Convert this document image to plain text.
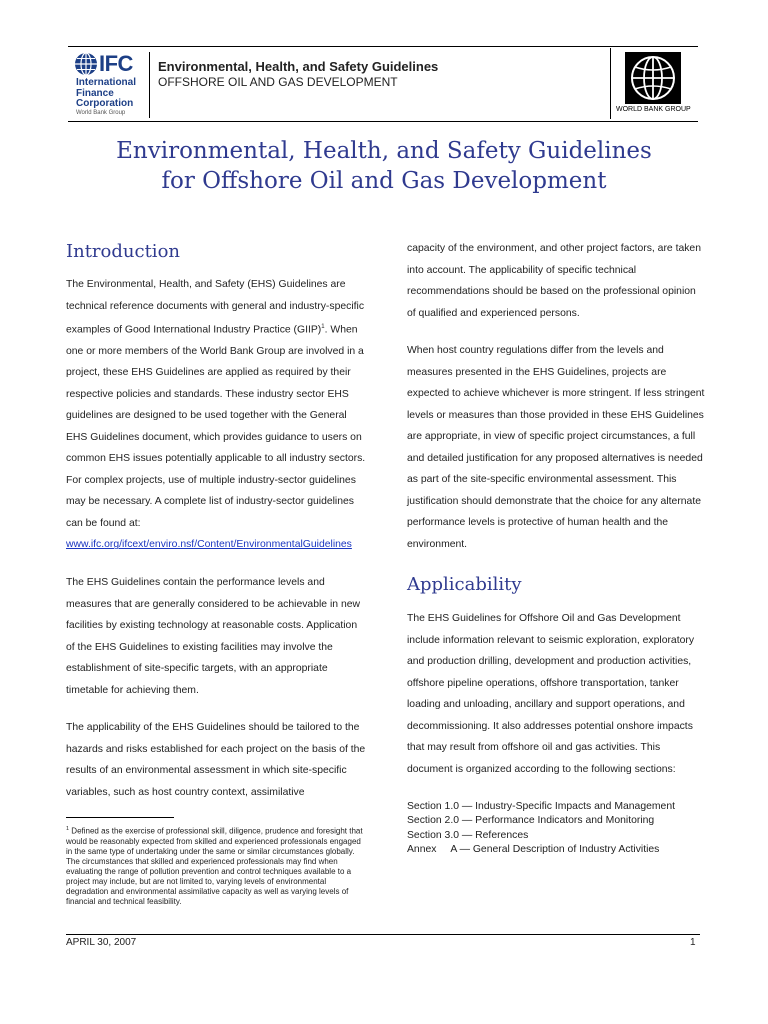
IFC
International
Finance
Corporation
World Bank Group
Environmental, Health, and Safety Guidelines
OFFSHORE OIL AND GAS DEVELOPMENT
WORLD BANK GROUP
Environmental, Health, and Safety Guidelines
for Offshore Oil and Gas Development
Introduction

The Environmental, Health, and Safety (EHS) Guidelines are technical reference documents with general and industry-specific examples of Good International Industry Practice (GIIP)$^1$. When one or more members of the World Bank Group are involved in a project, these EHS Guidelines are applied as required by their respective policies and standards. These industry sector EHS guidelines are designed to be used together with the General EHS Guidelines document, which provides guidance to users on common EHS issues potentially applicable to all industry sectors. For complex projects, use of multiple industry-sector guidelines may be necessary. A complete list of industry-sector guidelines can be found at: www.ifc.org/ifcext/enviro.nsf/Content/EnvironmentalGuidelines

The EHS Guidelines contain the performance levels and measures that are generally considered to be achievable in new facilities by existing technology at reasonable costs. Application of the EHS Guidelines to existing facilities may involve the establishment of site-specific targets, with an appropriate timetable for achieving them.

The applicability of the EHS Guidelines should be tailored to the hazards and risks established for each project on the basis of the results of an environmental assessment in which site-specific variables, such as host country context, assimilative

$^1$ Defined as the exercise of professional skill, diligence, prudence and foresight that would be reasonably expected from skilled and experienced professionals engaged in the same type of undertaking under the same or similar circumstances globally. The circumstances that skilled and experienced professionals may find when evaluating the range of pollution prevention and control techniques available to a project may include, but are not limited to, varying levels of environmental degradation and environmental assimilative capacity as well as varying levels of financial and technical feasibility.

capacity of the environment, and other project factors, are taken into account. The applicability of specific technical recommendations should be based on the professional opinion of qualified and experienced persons.

When host country regulations differ from the levels and measures presented in the EHS Guidelines, projects are expected to achieve whichever is more stringent. If less stringent levels or measures than those provided in these EHS Guidelines are appropriate, in view of specific project circumstances, a full and detailed justification for any proposed alternatives is needed as part of the site-specific environmental assessment. This justification should demonstrate that the choice for any alternate performance levels is protective of human health and the environment.

Applicability

The EHS Guidelines for Offshore Oil and Gas Development include information relevant to seismic exploration, exploratory and production drilling, development and production activities, offshore pipeline operations, offshore transportation, tanker loading and unloading, ancillary and support operations, and decommissioning. It also addresses potential onshore impacts that may result from offshore oil and gas activities. This document is organized according to the following sections:

Section 1.0 — Industry-Specific Impacts and Management
Section 2.0 — Performance Indicators and Monitoring
Section 3.0 — References
Annex     A — General Description of Industry Activities
APRIL 30, 2007	1
